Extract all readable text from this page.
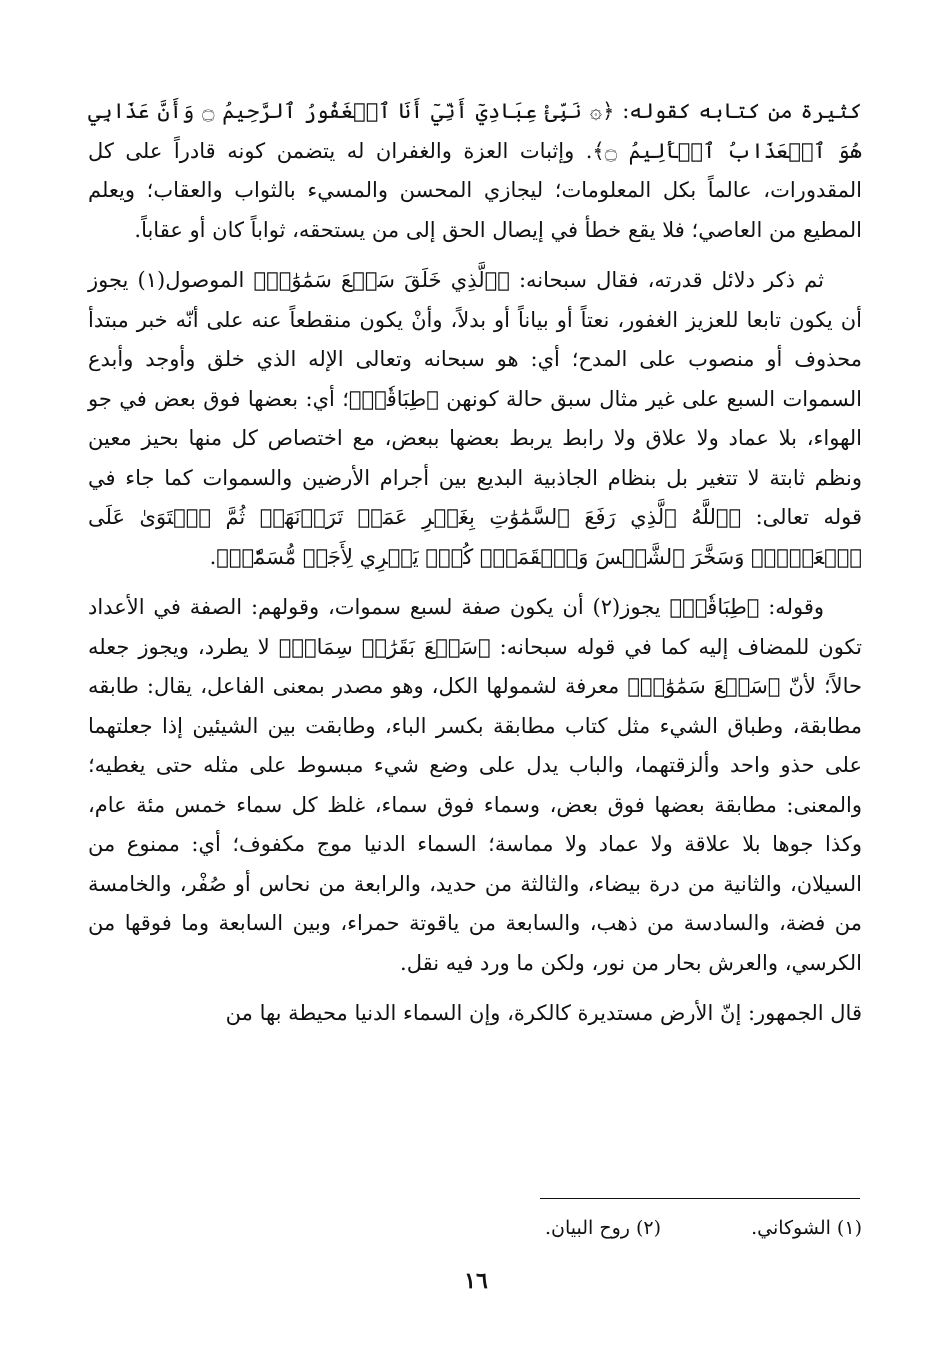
كثيرة من كتابه كقوله: ﴿۞ نَبِّئْ عِبَادِيٓ أَنِّيٓ أَنَا ٱلۡغَفُورُ ٱلرَّحِيمُ ۝ وَأَنَّ عَذَابِي هُوَ ٱلۡعَذَابُ ٱلۡأَلِيمُ ۝﴾. وإثبات العزة والغفران له يتضمن كونه قادراً على كل المقدورات، عالماً بكل المعلومات؛ ليجازي المحسن والمسيء بالثواب والعقاب؛ ويعلم المطيع من العاصي؛ فلا يقع خطأ في إيصال الحق إلى من يستحقه، ثواباً كان أو عقاباً.

ثم ذكر دلائل قدرته، فقال سبحانه: ﴿ٱلَّذِي خَلَقَ سَبۡعَ سَمَٰوَٰتٖ﴾ الموصول(١) يجوز أن يكون تابعا للعزيز الغفور، نعتاً أو بياناً أو بدلاً، وأنْ يكون منقطعاً عنه على أنّه خبر مبتدأ محذوف أو منصوب على المدح؛ أي: هو سبحانه وتعالى الإله الذي خلق وأوجد وأبدع السموات السبع على غير مثال سبق حالة كونهن ﴿طِبَاقٗاۖ﴾؛ أي: بعضها فوق بعض في جو الهواء، بلا عماد ولا علاق ولا رابط يربط بعضها ببعض، مع اختصاص كل منها بحيز معين ونظم ثابتة لا تتغير بل بنظام الجاذبية البديع بين أجرام الأرضين والسموات كما جاء في قوله تعالى: ﴿ٱللَّهُ ٱلَّذِي رَفَعَ ٱلسَّمَٰوَٰتِ بِغَيۡرِ عَمَدٖ تَرَوۡنَهَاۖ ثُمَّ ٱسۡتَوَىٰ عَلَى ٱلۡعَرۡشِۖ وَسَخَّرَ ٱلشَّمۡسَ وَٱلۡقَمَرَۖ كُلّٞ يَجۡرِي لِأَجَلٖ مُّسَمّٗىۚ﴾.

وقوله: ﴿طِبَاقٗاۖ﴾ يجوز(٢) أن يكون صفة لسبع سموات، وقولهم: الصفة في الأعداد تكون للمضاف إليه كما في قوله سبحانه: ﴿سَبۡعَ بَقَرَٰتٖ سِمَانٖ﴾ لا يطرد، ويجوز جعله حالاً؛ لأنّ ﴿سَبۡعَ سَمَٰوَٰتٖ﴾ معرفة لشمولها الكل، وهو مصدر بمعنى الفاعل، يقال: طابقه مطابقة، وطباق الشيء مثل كتاب مطابقة بكسر الباء، وطابقت بين الشيئين إذا جعلتهما على حذو واحد وألزقتهما، والباب يدل على وضع شيء مبسوط على مثله حتى يغطيه؛ والمعنى: مطابقة بعضها فوق بعض، وسماء فوق سماء، غلظ كل سماء خمس مئة عام، وكذا جوها بلا علاقة ولا عماد ولا مماسة؛ السماء الدنيا موج مكفوف؛ أي: ممنوع من السيلان، والثانية من درة بيضاء، والثالثة من حديد، والرابعة من نحاس أو صُفْر، والخامسة من فضة، والسادسة من ذهب، والسابعة من ياقوتة حمراء، وبين السابعة وما فوقها من الكرسي، والعرش بحار من نور، ولكن ما ورد فيه نقل.

قال الجمهور: إنّ الأرض مستديرة كالكرة، وإن السماء الدنيا محيطة بها من

(١) الشوكاني.
(٢) روح البيان.
١٦
